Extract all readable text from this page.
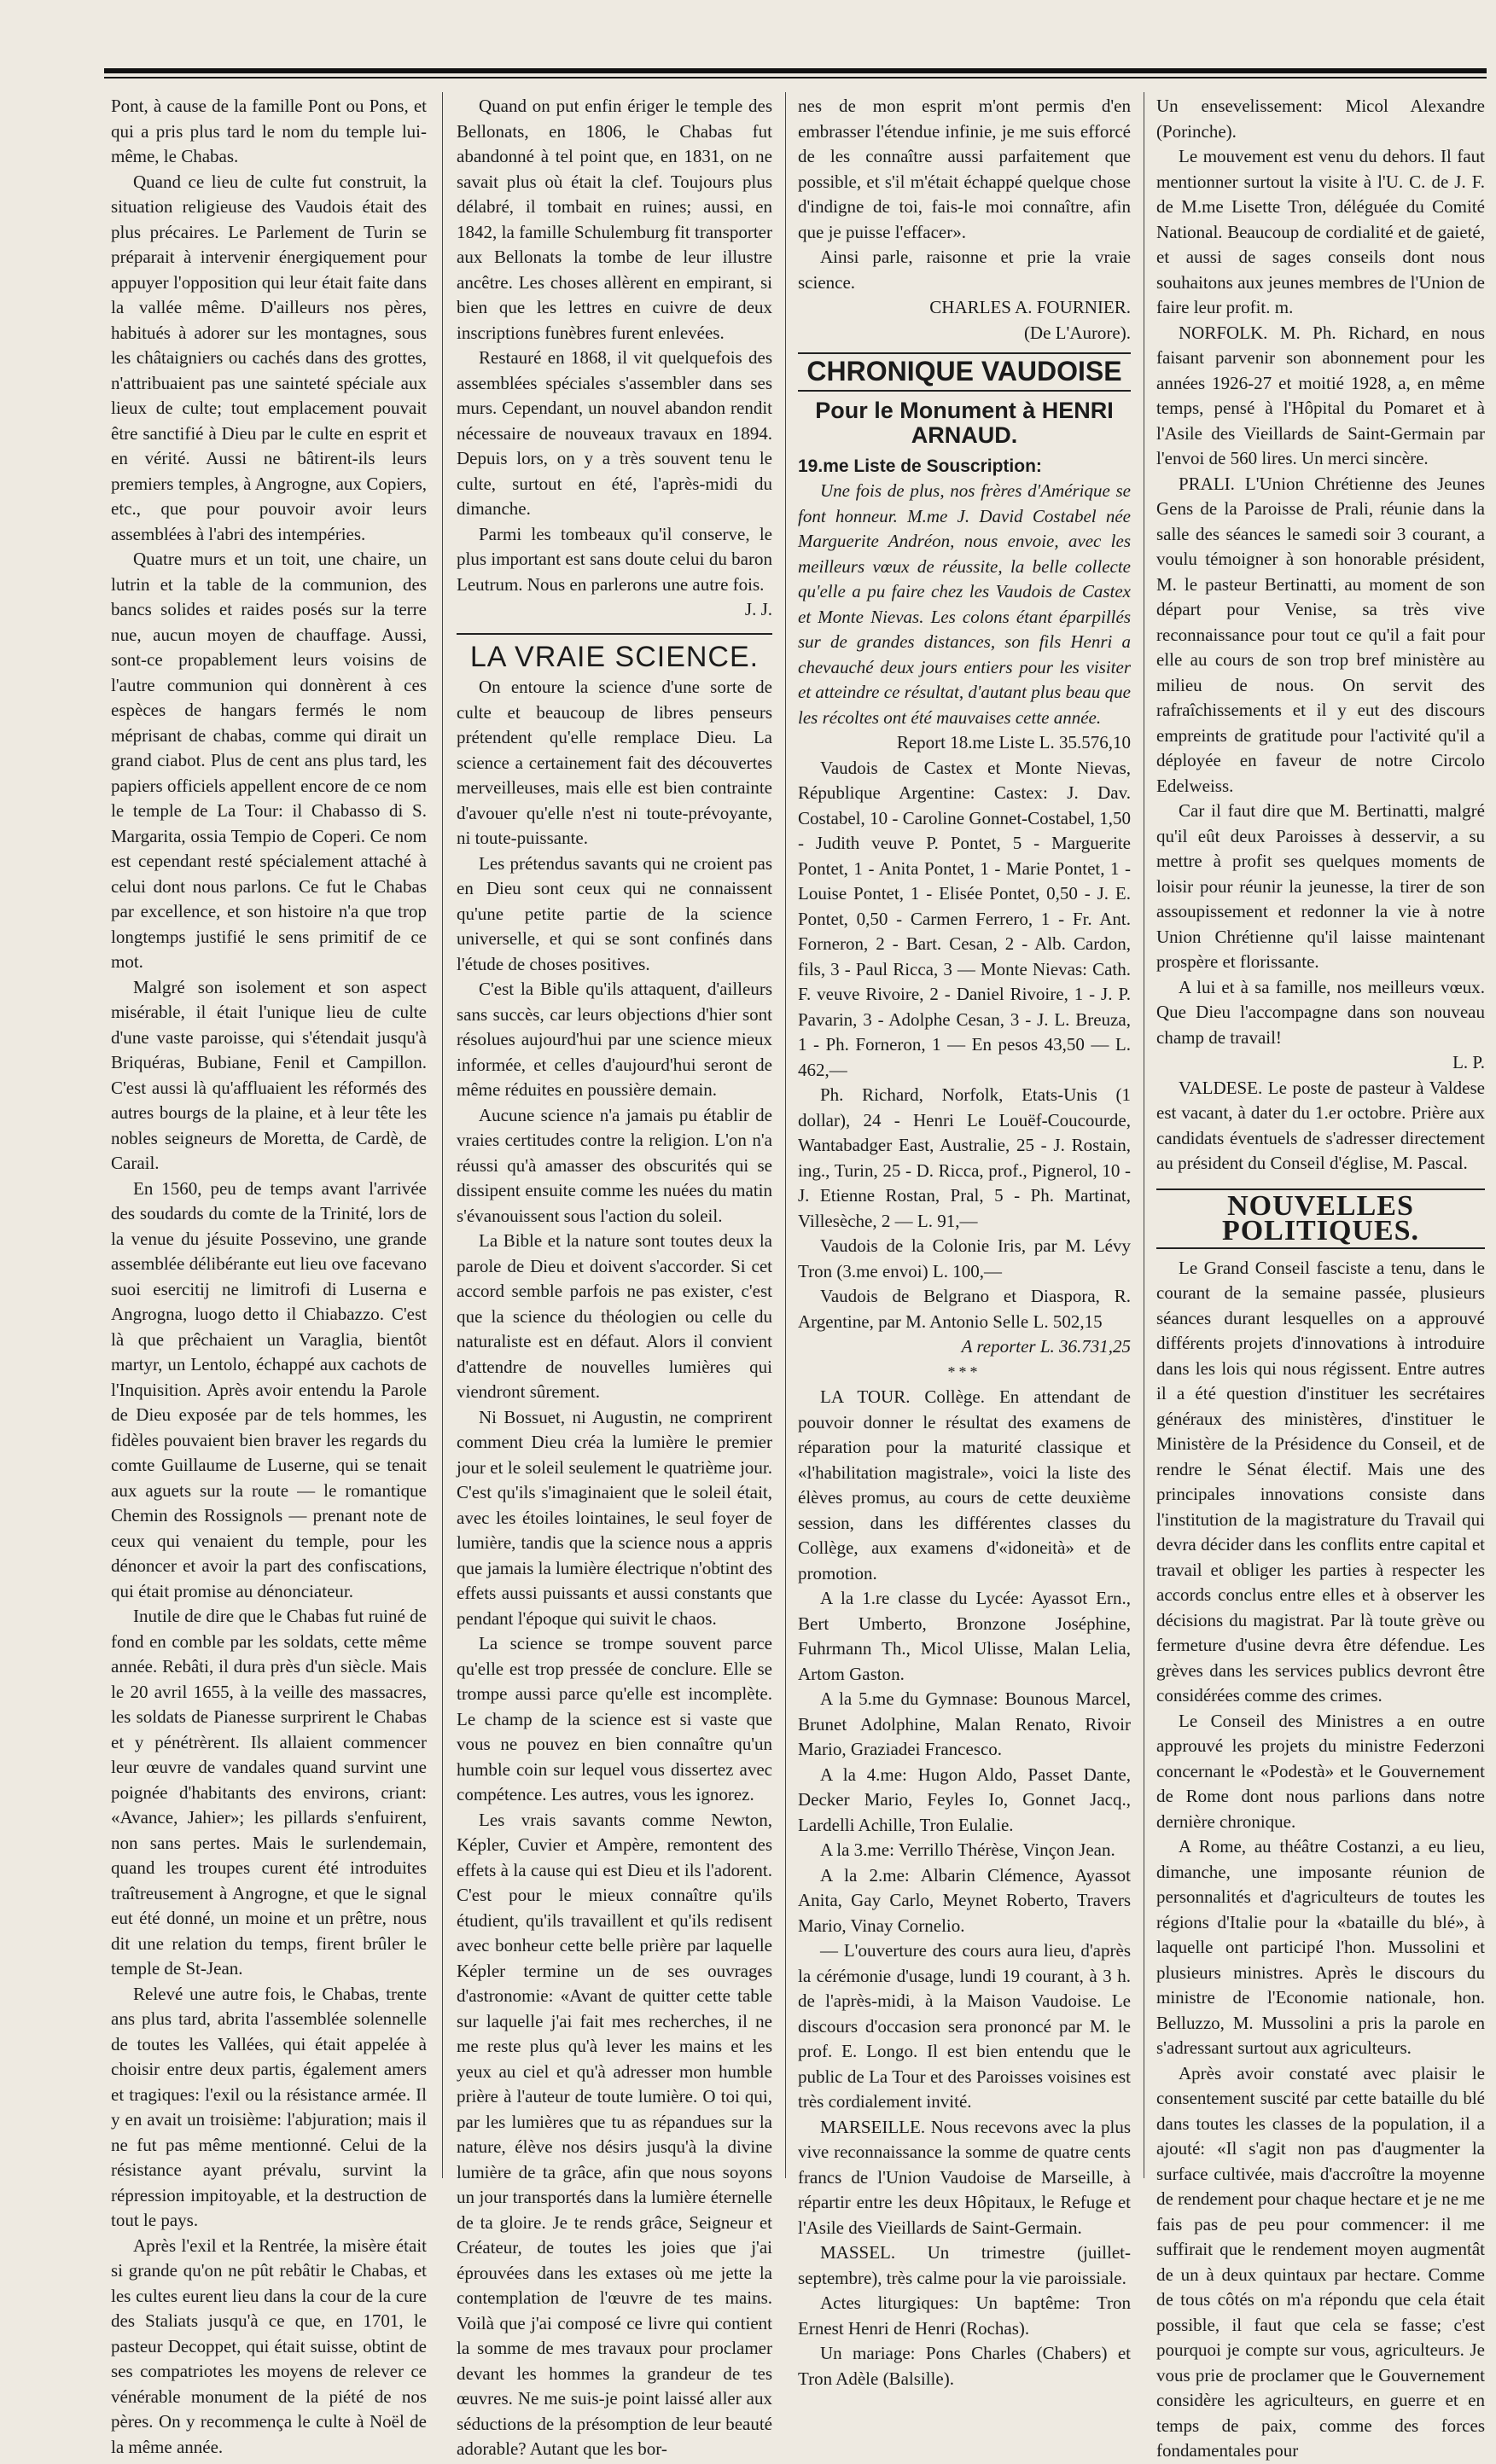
Pont, à cause de la famille Pont ou Pons, et qui a pris plus tard le nom du temple lui-même, le Chabas.

Quand ce lieu de culte fut construit, la situation religieuse des Vaudois était des plus précaires. Le Parlement de Turin se préparait à intervenir énergiquement pour appuyer l'opposition qui leur était faite dans la vallée même. D'ailleurs nos pères, habitués à adorer sur les montagnes, sous les châtaigniers ou cachés dans des grottes, n'attribuaient pas une sainteté spéciale aux lieux de culte; tout emplacement pouvait être sanctifié à Dieu par le culte en esprit et en vérité. Aussi ne bâtirent-ils leurs premiers temples, à Angrogne, aux Copiers, etc., que pour pouvoir avoir leurs assemblées à l'abri des intempéries.

Quatre murs et un toit, une chaire, un lutrin et la table de la communion, des bancs solides et raides posés sur la terre nue, aucun moyen de chauffage. Aussi, sont-ce propablement leurs voisins de l'autre communion qui donnèrent à ces espèces de hangars fermés le nom méprisant de chabas, comme qui dirait un grand ciabot. Plus de cent ans plus tard, les papiers officiels appellent encore de ce nom le temple de La Tour: il Chabasso di S. Margarita, ossia Tempio de Coperi. Ce nom est cependant resté spécialement attaché à celui dont nous parlons. Ce fut le Chabas par excellence, et son histoire n'a que trop longtemps justifié le sens primitif de ce mot.

Malgré son isolement et son aspect misérable, il était l'unique lieu de culte d'une vaste paroisse, qui s'étendait jusqu'à Briquéras, Bubiane, Fenil et Campillon. C'est aussi là qu'affluaient les réformés des autres bourgs de la plaine, et à leur tête les nobles seigneurs de Moretta, de Cardè, de Carail.

En 1560, peu de temps avant l'arrivée des soudards du comte de la Trinité, lors de la venue du jésuite Possevino, une grande assemblée délibérante eut lieu ove facevano suoi esercitij ne limitrofi di Luserna e Angrogna, luogo detto il Chiabazzo. C'est là que prêchaient un Varaglia, bientôt martyr, un Lentolo, échappé aux cachots de l'Inquisition. Après avoir entendu la Parole de Dieu exposée par de tels hommes, les fidèles pouvaient bien braver les regards du comte Guillaume de Luserne, qui se tenait aux aguets sur la route — le romantique Chemin des Rossignols — prenant note de ceux qui venaient du temple, pour les dénoncer et avoir la part des confiscations, qui était promise au dénonciateur.

Inutile de dire que le Chabas fut ruiné de fond en comble par les soldats, cette même année. Rebâti, il dura près d'un siècle. Mais le 20 avril 1655, à la veille des massacres, les soldats de Pianesse surprirent le Chabas et y pénétrèrent. Ils allaient commencer leur œuvre de vandales quand survint une poignée d'habitants des environs, criant: «Avance, Jahier»; les pillards s'enfuirent, non sans pertes. Mais le surlendemain, quand les troupes curent été introduites traîtreusement à Angrogne, et que le signal eut été donné, un moine et un prêtre, nous dit une relation du temps, firent brûler le temple de St-Jean.

Relevé une autre fois, le Chabas, trente ans plus tard, abrita l'assemblée solennelle de toutes les Vallées, qui était appelée à choisir entre deux partis, également amers et tragiques: l'exil ou la résistance armée. Il y en avait un troisième: l'abjuration; mais il ne fut pas même mentionné. Celui de la résistance ayant prévalu, survint la répression impitoyable, et la destruction de tout le pays.

Après l'exil et la Rentrée, la misère était si grande qu'on ne pût rebâtir le Chabas, et les cultes eurent lieu dans la cour de la cure des Staliats jusqu'à ce que, en 1701, le pasteur Decoppet, qui était suisse, obtint de ses compatriotes les moyens de relever ce vénérable monument de la piété de nos pères. On y recommença le culte à Noël de la même année.

Quand on put enfin ériger le temple des Bellonats, en 1806, le Chabas fut abandonné à tel point que, en 1831, on ne savait plus où était la clef. Toujours plus délabré, il tombait en ruines; aussi, en 1842, la famille Schulemburg fit transporter aux Bellonats la tombe de leur illustre ancêtre. Les choses allèrent en empirant, si bien que les lettres en cuivre de deux inscriptions funèbres furent enlevées.

Restauré en 1868, il vit quelquefois des assemblées spéciales s'assembler dans ses murs. Cependant, un nouvel abandon rendit nécessaire de nouveaux travaux en 1894. Depuis lors, on y a très souvent tenu le culte, surtout en été, l'après-midi du dimanche.

Parmi les tombeaux qu'il conserve, le plus important est sans doute celui du baron Leutrum. Nous en parlerons une autre fois.

J. J.
LA VRAIE SCIENCE.

On entoure la science d'une sorte de culte et beaucoup de libres penseurs prétendent qu'elle remplace Dieu. La science a certainement fait des découvertes merveilleuses, mais elle est bien contrainte d'avouer qu'elle n'est ni toute-prévoyante, ni toute-puissante.

Les prétendus savants qui ne croient pas en Dieu sont ceux qui ne connaissent qu'une petite partie de la science universelle, et qui se sont confinés dans l'étude de choses positives.

C'est la Bible qu'ils attaquent, d'ailleurs sans succès, car leurs objections d'hier sont résolues aujourd'hui par une science mieux informée, et celles d'aujourd'hui seront de même réduites en poussière demain.

Aucune science n'a jamais pu établir de vraies certitudes contre la religion. L'on n'a réussi qu'à amasser des obscurités qui se dissipent ensuite comme les nuées du matin s'évanouissent sous l'action du soleil.

La Bible et la nature sont toutes deux la parole de Dieu et doivent s'accorder. Si cet accord semble parfois ne pas exister, c'est que la science du théologien ou celle du naturaliste est en défaut. Alors il convient d'attendre de nouvelles lumières qui viendront sûrement.

Ni Bossuet, ni Augustin, ne comprirent comment Dieu créa la lumière le premier jour et le soleil seulement le quatrième jour. C'est qu'ils s'imaginaient que le soleil était, avec les étoiles lointaines, le seul foyer de lumière, tandis que la science nous a appris que jamais la lumière électrique n'obtint des effets aussi puissants et aussi constants que pendant l'époque qui suivit le chaos.

La science se trompe souvent parce qu'elle est trop pressée de conclure. Elle se trompe aussi parce qu'elle est incomplète. Le champ de la science est si vaste que vous ne pouvez en bien connaître qu'un humble coin sur lequel vous dissertez avec compétence. Les autres, vous les ignorez.

Les vrais savants comme Newton, Képler, Cuvier et Ampère, remontent des effets à la cause qui est Dieu et ils l'adorent. C'est pour le mieux connaître qu'ils étudient, qu'ils travaillent et qu'ils redisent avec bonheur cette belle prière par laquelle Képler termine un de ses ouvrages d'astronomie: «Avant de quitter cette table sur laquelle j'ai fait mes recherches, il ne me reste plus qu'à lever les mains et les yeux au ciel et qu'à adresser mon humble prière à l'auteur de toute lumière. O toi qui, par les lumières que tu as répandues sur la nature, élève nos désirs jusqu'à la divine lumière de ta grâce, afin que nous soyons un jour transportés dans la lumière éternelle de ta gloire. Je te rends grâce, Seigneur et Créateur, de toutes les joies que j'ai éprouvées dans les extases où me jette la contemplation de l'œuvre de tes mains. Voilà que j'ai composé ce livre qui contient la somme de mes travaux pour proclamer devant les hommes la grandeur de tes œuvres. Ne me suis-je point laissé aller aux séductions de la présomption de leur beauté adorable? Autant que les bor-

nes de mon esprit m'ont permis d'en embrasser l'étendue infinie, je me suis efforcé de les connaître aussi parfaitement que possible, et s'il m'était échappé quelque chose d'indigne de toi, fais-le moi connaître, afin que je puisse l'effacer».

Ainsi parle, raisonne et prie la vraie science.

CHARLES A. FOURNIER.
(De L'Aurore).
CHRONIQUE VAUDOISE
Pour le Monument à HENRI ARNAUD.
19.me Liste de Souscription:

Une fois de plus, nos frères d'Amérique se font honneur. M.me J. David Costabel née Marguerite Andréon, nous envoie, avec les meilleurs vœux de réussite, la belle collecte qu'elle a pu faire chez les Vaudois de Castex et Monte Nievas. Les colons étant éparpillés sur de grandes distances, son fils Henri a chevauché deux jours entiers pour les visiter et atteindre ce résultat, d'autant plus beau que les récoltes ont été mauvaises cette année.

Report 18.me Liste L. 35.576,10

Vaudois de Castex et Monte Nievas, République Argentine: Castex: J. Dav. Costabel, 10 - Caroline Gonnet-Costabel, 1,50 - Judith veuve P. Pontet, 5 - Marguerite Pontet, 1 - Anita Pontet, 1 - Marie Pontet, 1 - Louise Pontet, 1 - Elisée Pontet, 0,50 - J. E. Pontet, 0,50 - Carmen Ferrero, 1 - Fr. Ant. Forneron, 2 - Bart. Cesan, 2 - Alb. Cardon, fils, 3 - Paul Ricca, 3 — Monte Nievas: Cath. F. veuve Rivoire, 2 - Daniel Rivoire, 1 - J. P. Pavarin, 3 - Adolphe Cesan, 3 - J. L. Breuza, 1 - Ph. Forneron, 1 — En pesos 43,50 — L. 462,—

Ph. Richard, Norfolk, Etats-Unis (1 dollar), 24 - Henri Le Louëf-Coucourde, Wantabadger East, Australie, 25 - J. Rostain, ing., Turin, 25 - D. Ricca, prof., Pignerol, 10 - J. Etienne Rostan, Pral, 5 - Ph. Martinat, Villesèche, 2 — L. 91,—

Vaudois de la Colonie Iris, par M. Lévy Tron (3.me envoi) L. 100,—

Vaudois de Belgrano et Diaspora, R. Argentine, par M. Antonio Selle L. 502,15

A reporter L. 36.731,25
***

LA TOUR. Collège. En attendant de pouvoir donner le résultat des examens de réparation pour la maturité classique et «l'habilitation magistrale», voici la liste des élèves promus, au cours de cette deuxième session, dans les différentes classes du Collège, aux examens d'«idoneità» et de promotion.

A la 1.re classe du Lycée: Ayassot Ern., Bert Umberto, Bronzone Joséphine, Fuhrmann Th., Micol Ulisse, Malan Lelia, Artom Gaston.

A la 5.me du Gymnase: Bounous Marcel, Brunet Adolphine, Malan Renato, Rivoir Mario, Graziadei Francesco.

A la 4.me: Hugon Aldo, Passet Dante, Decker Mario, Feyles Io, Gonnet Jacq., Lardelli Achille, Tron Eulalie.

A la 3.me: Verrillo Thérèse, Vinçon Jean.

A la 2.me: Albarin Clémence, Ayassot Anita, Gay Carlo, Meynet Roberto, Travers Mario, Vinay Cornelio.

— L'ouverture des cours aura lieu, d'après la cérémonie d'usage, lundi 19 courant, à 3 h. de l'après-midi, à la Maison Vaudoise. Le discours d'occasion sera prononcé par M. le prof. E. Longo. Il est bien entendu que le public de La Tour et des Paroisses voisines est très cordialement invité.

MARSEILLE. Nous recevons avec la plus vive reconnaissance la somme de quatre cents francs de l'Union Vaudoise de Marseille, à répartir entre les deux Hôpitaux, le Refuge et l'Asile des Vieillards de Saint-Germain.

MASSEL. Un trimestre (juillet-septembre), très calme pour la vie paroissiale.

Actes liturgiques: Un baptême: Tron Ernest Henri de Henri (Rochas).

Un mariage: Pons Charles (Chabers) et Tron Adèle (Balsille).

Un ensevelissement: Micol Alexandre (Porinche).

Le mouvement est venu du dehors. Il faut mentionner surtout la visite à l'U. C. de J. F. de M.me Lisette Tron, déléguée du Comité National. Beaucoup de cordialité et de gaieté, et aussi de sages conseils dont nous souhaitons aux jeunes membres de l'Union de faire leur profit. m.

NORFOLK. M. Ph. Richard, en nous faisant parvenir son abonnement pour les années 1926-27 et moitié 1928, a, en même temps, pensé à l'Hôpital du Pomaret et à l'Asile des Vieillards de Saint-Germain par l'envoi de 560 lires. Un merci sincère.

PRALI. L'Union Chrétienne des Jeunes Gens de la Paroisse de Prali, réunie dans la salle des séances le samedi soir 3 courant, a voulu témoigner à son honorable président, M. le pasteur Bertinatti, au moment de son départ pour Venise, sa très vive reconnaissance pour tout ce qu'il a fait pour elle au cours de son trop bref ministère au milieu de nous. On servit des rafraîchissements et il y eut des discours empreints de gratitude pour l'activité qu'il a déployée en faveur de notre Circolo Edelweiss.

Car il faut dire que M. Bertinatti, malgré qu'il eût deux Paroisses à desservir, a su mettre à profit ses quelques moments de loisir pour réunir la jeunesse, la tirer de son assoupissement et redonner la vie à notre Union Chrétienne qu'il laisse maintenant prospère et florissante.

A lui et à sa famille, nos meilleurs vœux. Que Dieu l'accompagne dans son nouveau champ de travail!

L. P.

VALDESE. Le poste de pasteur à Valdese est vacant, à dater du 1.er octobre. Prière aux candidats éventuels de s'adresser directement au président du Conseil d'église, M. Pascal.

NOUVELLES POLITIQUES.

Le Grand Conseil fasciste a tenu, dans le courant de la semaine passée, plusieurs séances durant lesquelles on a approuvé différents projets d'innovations à introduire dans les lois qui nous régissent. Entre autres il a été question d'instituer les secrétaires généraux des ministères, d'instituer le Ministère de la Présidence du Conseil, et de rendre le Sénat électif. Mais une des principales innovations consiste dans l'institution de la magistrature du Travail qui devra décider dans les conflits entre capital et travail et obliger les parties à respecter les accords conclus entre elles et à observer les décisions du magistrat. Par là toute grève ou fermeture d'usine devra être défendue. Les grèves dans les services publics devront être considérées comme des crimes.

Le Conseil des Ministres a en outre approuvé les projets du ministre Federzoni concernant le «Podestà» et le Gouvernement de Rome dont nous parlions dans notre dernière chronique.

A Rome, au théâtre Costanzi, a eu lieu, dimanche, une imposante réunion de personnalités et d'agriculteurs de toutes les régions d'Italie pour la «bataille du blé», à laquelle ont participé l'hon. Mussolini et plusieurs ministres. Après le discours du ministre de l'Economie nationale, hon. Belluzzo, M. Mussolini a pris la parole en s'adressant surtout aux agriculteurs.

Après avoir constaté avec plaisir le consentement suscité par cette bataille du blé dans toutes les classes de la population, il a ajouté: «Il s'agit non pas d'augmenter la surface cultivée, mais d'accroître la moyenne de rendement pour chaque hectare et je ne me fais pas de peu pour commencer: il me suffirait que le rendement moyen augmentât de un à deux quintaux par hectare. Comme de tous côtés on m'a répondu que cela était possible, il faut que cela se fasse; c'est pourquoi je compte sur vous, agriculteurs. Je vous prie de proclamer que le Gouvernement considère les agriculteurs, en guerre et en temps de paix, comme des forces fondamentales pour
